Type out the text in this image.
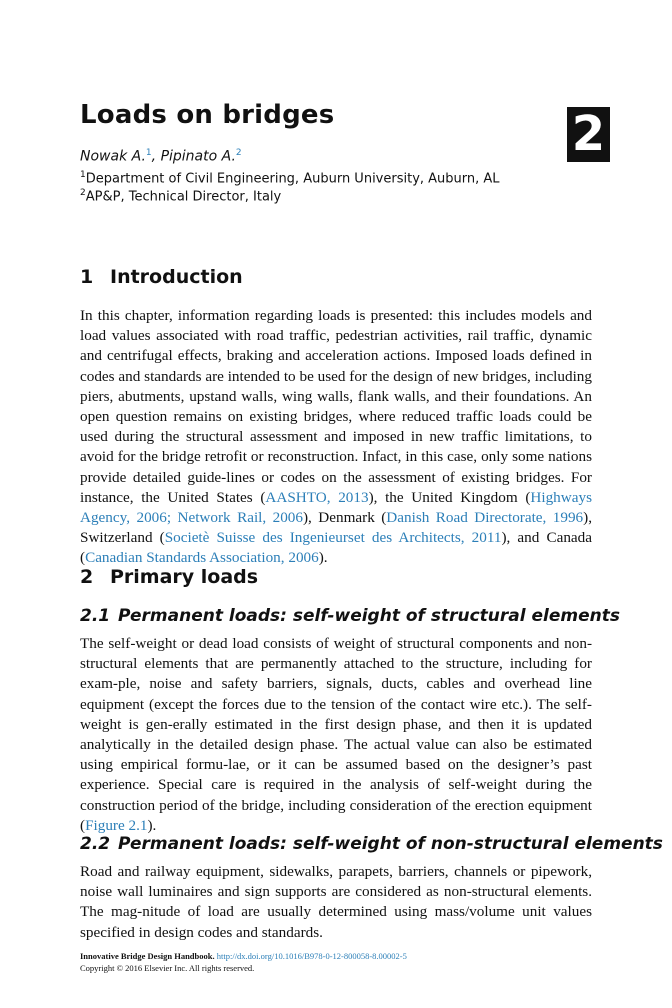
Loads on bridges	2
Nowak A.$^1$, Pipinato A.$^2$
$^1$Department of Civil Engineering, Auburn University, Auburn, AL
$^2$AP&P, Technical Director, Italy
1 Introduction

In this chapter, information regarding loads is presented: this includes models and load values associated with road traffic, pedestrian activities, rail traffic, dynamic and centrifugal effects, braking and acceleration actions. Imposed loads defined in codes and standards are intended to be used for the design of new bridges, including piers, abutments, upstand walls, wing walls, flank walls, and their foundations. An open question remains on existing bridges, where reduced traffic loads could be used during the structural assessment and imposed in new traffic limitations, to avoid for the bridge retrofit or reconstruction. Infact, in this case, only some nations provide detailed guide-lines or codes on the assessment of existing bridges. For instance, the United States (AASHTO, 2013), the United Kingdom (Highways Agency, 2006; Network Rail, 2006), Denmark (Danish Road Directorate, 1996), Switzerland (Societè Suisse des Ingenieurset des Architects, 2011), and Canada (Canadian Standards Association, 2006).

2 Primary loads
2.1 Permanent loads: self-weight of structural elements

The self-weight or dead load consists of weight of structural components and non-structural elements that are permanently attached to the structure, including for exam-ple, noise and safety barriers, signals, ducts, cables and overhead line equipment (except the forces due to the tension of the contact wire etc.). The self-weight is gen-erally estimated in the first design phase, and then it is updated analytically in the detailed design phase. The actual value can also be estimated using empirical formu-lae, or it can be assumed based on the designer’s past experience. Special care is required in the analysis of self-weight during the construction period of the bridge, including consideration of the erection equipment (Figure 2.1).

2.2 Permanent loads: self-weight of non-structural elements

Road and railway equipment, sidewalks, parapets, barriers, channels or pipework, noise wall luminaires and sign supports are considered as non-structural elements. The mag-nitude of load are usually determined using mass/volume unit values specified in design codes and standards.

Innovative Bridge Design Handbook. http://dx.doi.org/10.1016/B978-0-12-800058-8.00002-5
Copyright © 2016 Elsevier Inc. All rights reserved.
